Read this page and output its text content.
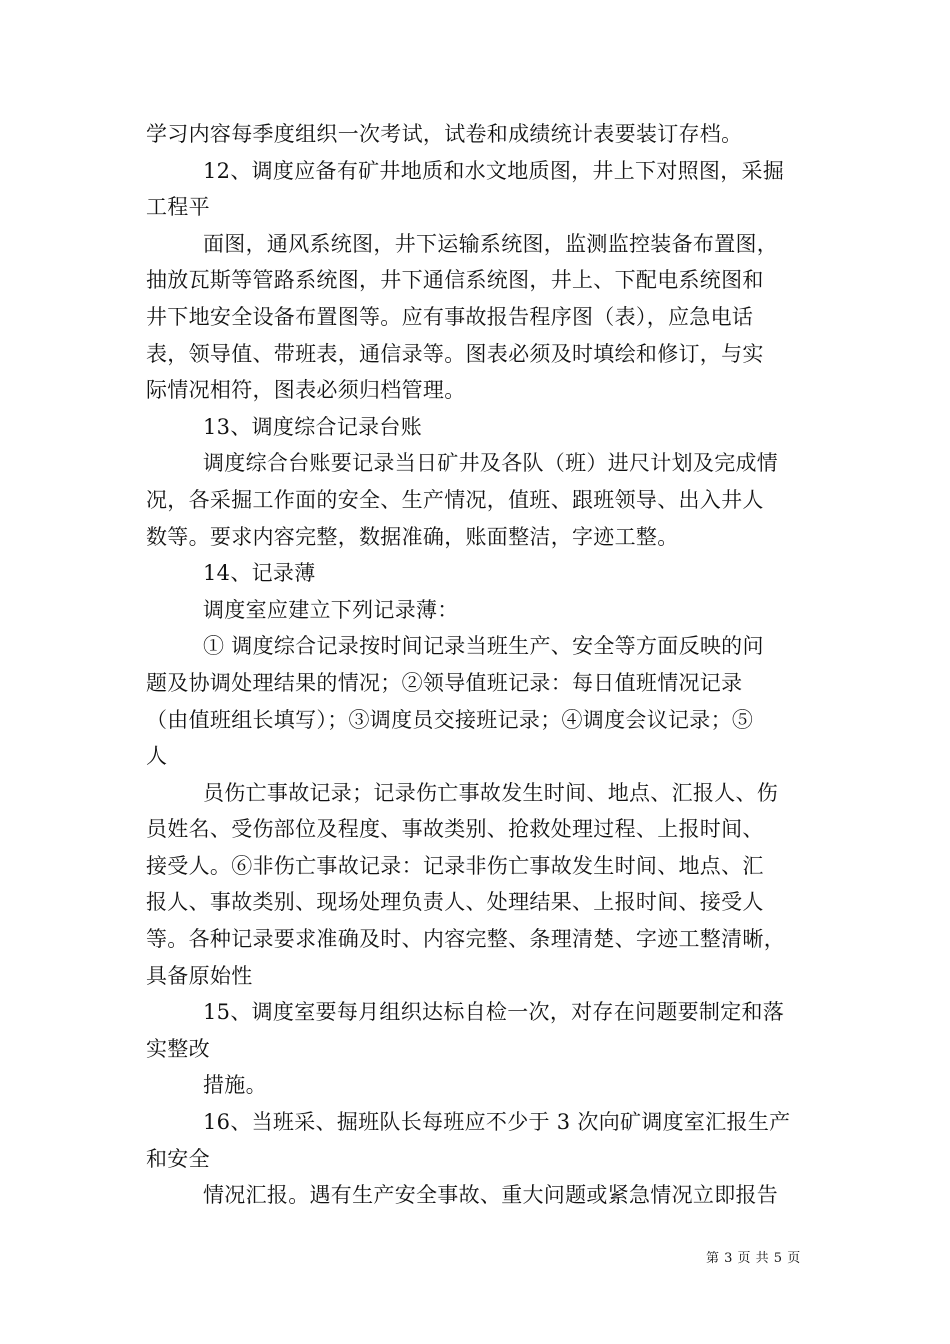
学习内容每季度组织一次考试，试卷和成绩统计表要装订存档。
12、调度应备有矿井地质和水文地质图，井上下对照图，采掘
工程平
面图，通风系统图，井下运输系统图，监测监控装备布置图，
抽放瓦斯等管路系统图，井下通信系统图，井上、下配电系统图和
井下地安全设备布置图等。应有事故报告程序图（表），应急电话
表，领导值、带班表，通信录等。图表必须及时填绘和修订，与实
际情况相符，图表必须归档管理。
13、调度综合记录台账
调度综合台账要记录当日矿井及各队（班）进尺计划及完成情
况，各采掘工作面的安全、生产情况，值班、跟班领导、出入井人
数等。要求内容完整，数据准确，账面整洁，字迹工整。
14、记录薄
调度室应建立下列记录薄：
① 调度综合记录按时间记录当班生产、安全等方面反映的问
题及协调处理结果的情况；②领导值班记录：每日值班情况记录
（由值班组长填写）；③调度员交接班记录；④调度会议记录；⑤
人
员伤亡事故记录；记录伤亡事故发生时间、地点、汇报人、伤
员姓名、受伤部位及程度、事故类别、抢救处理过程、上报时间、
接受人。⑥非伤亡事故记录：记录非伤亡事故发生时间、地点、汇
报人、事故类别、现场处理负责人、处理结果、上报时间、接受人
等。各种记录要求准确及时、内容完整、条理清楚、字迹工整清晰，
具备原始性
15、调度室要每月组织达标自检一次，对存在问题要制定和落
实整改
措施。
16、当班采、掘班队长每班应不少于 3 次向矿调度室汇报生产
和安全
情况汇报。遇有生产安全事故、重大问题或紧急情况立即报告
第 3 页 共 5 页
